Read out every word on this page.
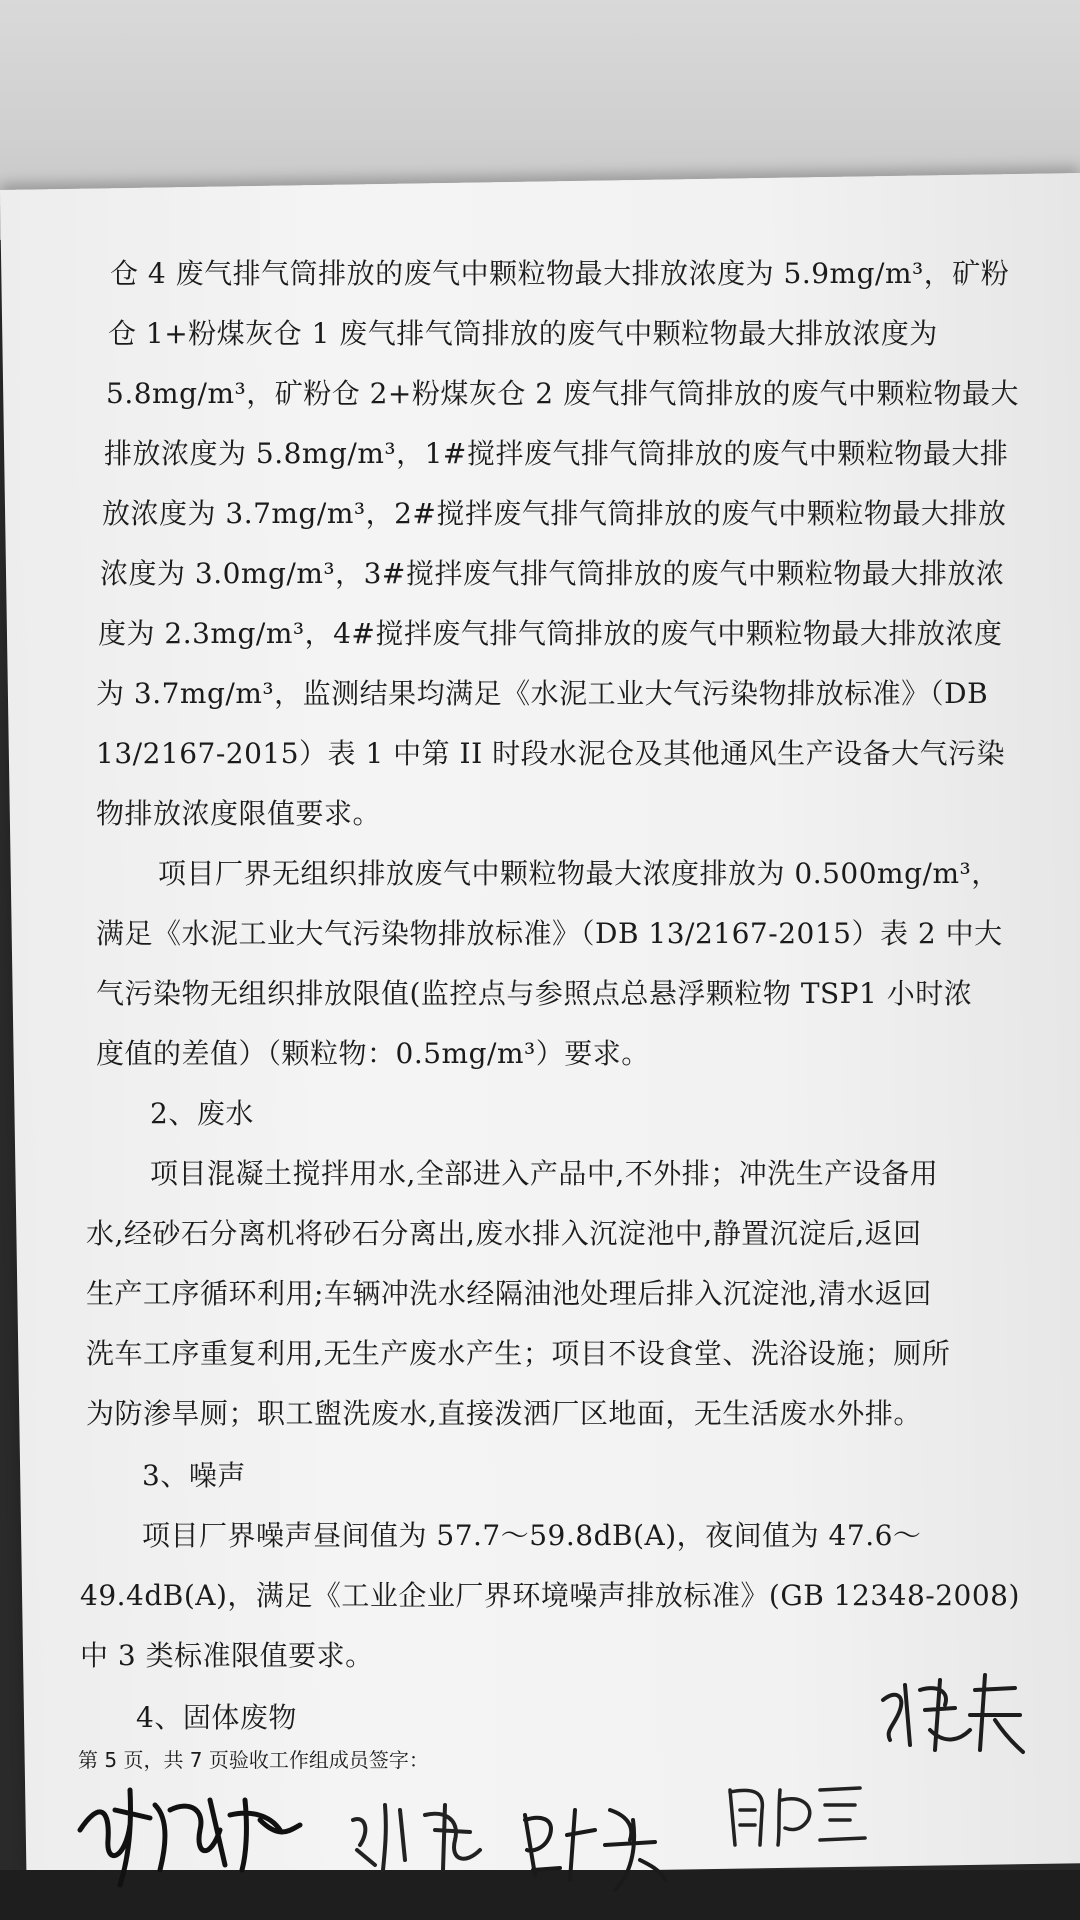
仓 4 废气排气筒排放的废气中颗粒物最大排放浓度为 5.9mg/m³，矿粉
仓 1+粉煤灰仓 1 废气排气筒排放的废气中颗粒物最大排放浓度为
5.8mg/m³，矿粉仓 2+粉煤灰仓 2 废气排气筒排放的废气中颗粒物最大
排放浓度为 5.8mg/m³，1#搅拌废气排气筒排放的废气中颗粒物最大排
放浓度为 3.7mg/m³，2#搅拌废气排气筒排放的废气中颗粒物最大排放
浓度为 3.0mg/m³，3#搅拌废气排气筒排放的废气中颗粒物最大排放浓
度为 2.3mg/m³，4#搅拌废气排气筒排放的废气中颗粒物最大排放浓度
为 3.7mg/m³，监测结果均满足《水泥工业大气污染物排放标准》（DB
13/2167-2015）表 1 中第 II 时段水泥仓及其他通风生产设备大气污染
物排放浓度限值要求。
项目厂界无组织排放废气中颗粒物最大浓度排放为 0.500mg/m³，
满足《水泥工业大气污染物排放标准》（DB 13/2167-2015）表 2 中大
气污染物无组织排放限值(监控点与参照点总悬浮颗粒物 TSP1 小时浓
度值的差值）（颗粒物：0.5mg/m³）要求。
2、废水
项目混凝土搅拌用水,全部进入产品中,不外排；冲洗生产设备用
水,经砂石分离机将砂石分离出,废水排入沉淀池中,静置沉淀后,返回
生产工序循环利用;车辆冲洗水经隔油池处理后排入沉淀池,清水返回
洗车工序重复利用,无生产废水产生；项目不设食堂、洗浴设施；厕所
为防渗旱厕；职工盥洗废水,直接泼洒厂区地面，无生活废水外排。
3、噪声
项目厂界噪声昼间值为 57.7～59.8dB(A)，夜间值为 47.6～
49.4dB(A)，满足《工业企业厂界环境噪声排放标准》(GB 12348-2008)
中 3 类标准限值要求。
4、固体废物
第 5 页，共 7 页验收工作组成员签字：
